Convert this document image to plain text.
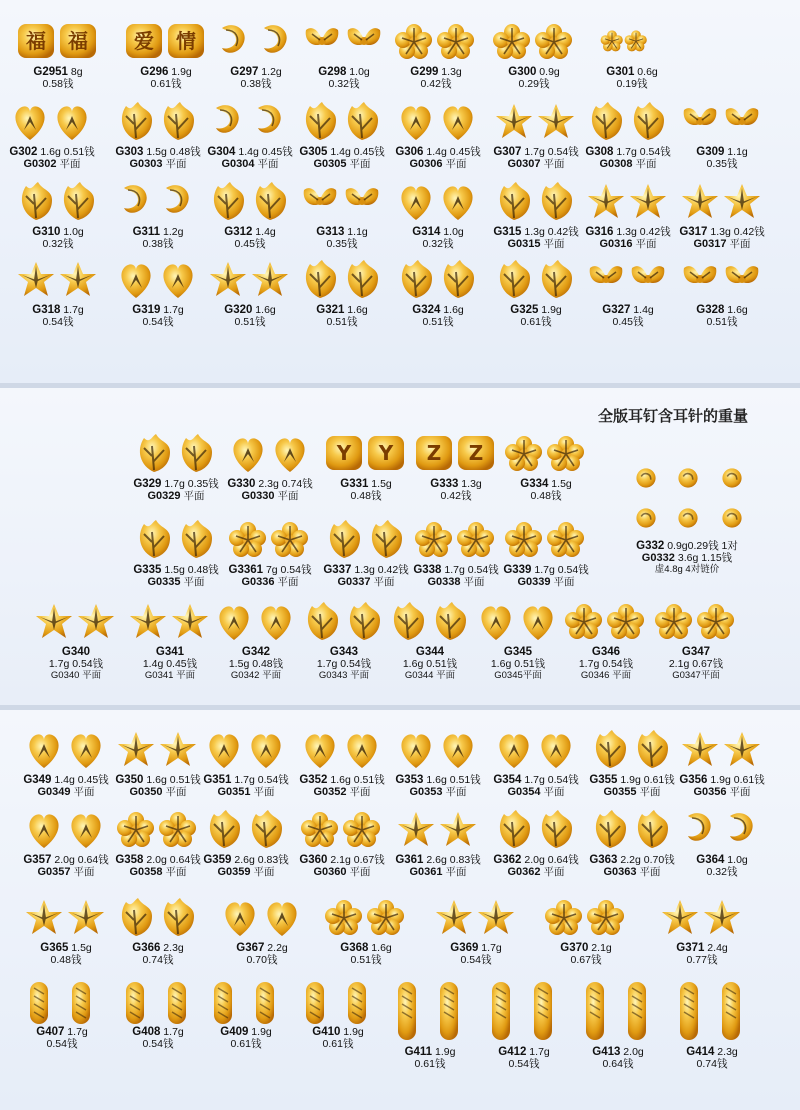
全版耳钉含耳针的重量
福 福
G2951 8g
0.58钱
爱 情
G296 1.9g
0.61钱
G297 1.2g
0.38钱
G298 1.0g
0.32钱
G299 1.3g
0.42钱
G300 0.9g
0.29钱
G301 0.6g
0.19钱
G302 1.6g 0.51钱
G0302 平面
G303 1.5g 0.48钱
G0303 平面
G304 1.4g 0.45钱
G0304 平面
G305 1.4g 0.45钱
G0305 平面
G306 1.4g 0.45钱
G0306 平面
G307 1.7g 0.54钱
G0307 平面
G308 1.7g 0.54钱
G0308 平面
G309 1.1g
0.35钱
G310 1.0g
0.32钱
G311 1.2g
0.38钱
G312 1.4g
0.45钱
G313 1.1g
0.35钱
G314 1.0g
0.32钱
G315 1.3g 0.42钱
G0315 平面
G316 1.3g 0.42钱
G0316 平面
G317 1.3g 0.42钱
G0317 平面
G318 1.7g
0.54钱
G319 1.7g
0.54钱
G320 1.6g
0.51钱
G321 1.6g
0.51钱
G324 1.6g
0.51钱
G325 1.9g
0.61钱
G327 1.4g
0.45钱
G328 1.6g
0.51钱
G329 1.7g 0.35钱
G0329 平面
G330 2.3g 0.74钱
G0330 平面
Y Y
G331 1.5g
0.48钱
Z Z
G333 1.3g
0.42钱
G334 1.5g
0.48钱
G335 1.5g 0.48钱
G0335 平面
G3361 7g 0.54钱
G0336 平面
G337 1.3g 0.42钱
G0337 平面
G338 1.7g 0.54钱
G0338 平面
G339 1.7g 0.54钱
G0339 平面
G332 0.9g0.29钱 1对
G0332 3.6g 1.15钱
虚4.8g 4对链价
G340
1.7g 0.54钱
G0340 平面
G341
1.4g 0.45钱
G0341 平面
G342
1.5g 0.48钱
G0342 平面
G343
1.7g 0.54钱
G0343 平面
G344
1.6g 0.51钱
G0344 平面
G345
1.6g 0.51钱
G0345平面
G346
1.7g 0.54钱
G0346 平面
G347
2.1g 0.67钱
G0347平面
G349 1.4g 0.45钱
G0349 平面
G350 1.6g 0.51钱
G0350 平面
G351 1.7g 0.54钱
G0351 平面
G352 1.6g 0.51钱
G0352 平面
G353 1.6g 0.51钱
G0353 平面
G354 1.7g 0.54钱
G0354 平面
G355 1.9g 0.61钱
G0355 平面
G356 1.9g 0.61钱
G0356 平面
G357 2.0g 0.64钱
G0357 平面
G358 2.0g 0.64钱
G0358 平面
G359 2.6g 0.83钱
G0359 平面
G360 2.1g 0.67钱
G0360 平面
G361 2.6g 0.83钱
G0361 平面
G362 2.0g 0.64钱
G0362 平面
G363 2.2g 0.70钱
G0363 平面
G364 1.0g
0.32钱
G365 1.5g
0.48钱
G366 2.3g
0.74钱
G367 2.2g
0.70钱
G368 1.6g
0.51钱
G369 1.7g
0.54钱
G370 2.1g
0.67钱
G371 2.4g
0.77钱
G407 1.7g
0.54钱
G408 1.7g
0.54钱
G409 1.9g
0.61钱
G410 1.9g
0.61钱
G411 1.9g
0.61钱
G412 1.7g
0.54钱
G413 2.0g
0.64钱
G414 2.3g
0.74钱
